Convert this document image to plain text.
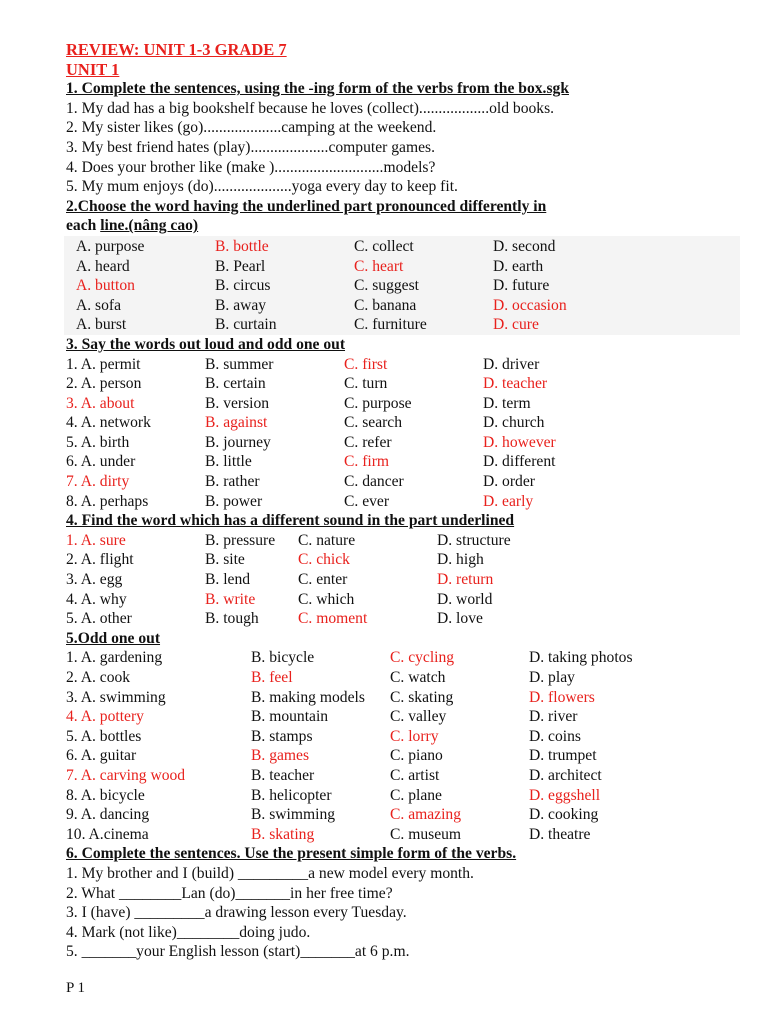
REVIEW: UNIT 1-3 GRADE 7
UNIT 1
1. Complete the sentences, using the -ing form of the verbs from the box.sgk
1. My dad has a big bookshelf because he loves (collect)..................old books.
2. My sister likes (go)....................camping at the weekend.
3. My best friend hates (play)....................computer games.
4. Does your brother like (make )............................models?
5. My mum enjoys (do)....................yoga every day to keep fit.
2.Choose the word having the underlined part pronounced differently in
each line.(nâng cao)
A. purpose	B. bottle	C. collect	D. second
A. heard	B. Pearl	C. heart	D. earth
A. button	B. circus	C. suggest	D. future
A. sofa	B. away	C. banana	D. occasion
A. burst	B. curtain	C. furniture	D. cure
3. Say the words out loud and odd one out
1. A. permit	B. summer	C. first	D. driver
2. A. person	B. certain	C. turn	D. teacher
3. A. about	B. version	C. purpose	D. term
4. A. network	B. against	C. search	D. church
5. A. birth	B. journey	C. refer	D. however
6. A. under	B. little	C. firm	D. different
7. A. dirty	B. rather	C. dancer	D. order
8. A. perhaps	B. power	C. ever	D. early
4. Find the word which has a different sound in the part underlined
1. A. sure	B. pressure C. nature	D. structure
2. A. flight	B. site	C. chick	D. high
3. A. egg	B. lend	C. enter	D. return
4. A. why	B. write	C. which	D. world
5. A. other	B. tough	C. moment	D. love
5.Odd one out
1. A. gardening	B. bicycle	C. cycling	D. taking photos
2. A. cook	B. feel	C. watch	D. play
3. A. swimming	B. making models C. skating	D. flowers
4. A. pottery	B. mountain	C. valley	D. river
5. A. bottles	B. stamps	C. lorry	D. coins
6. A. guitar	B. games	C. piano	D. trumpet
7. A. carving wood	B. teacher	C. artist	D. architect
8. A. bicycle	B. helicopter	C. plane	D. eggshell
9. A. dancing	B. swimming	C. amazing	D. cooking
10. A.cinema	B. skating	C. museum	D. theatre
6. Complete the sentences. Use the present simple form of the verbs.
1. My brother and I (build) _________a new model every month.
2. What ________Lan (do)_______in her free time?
3. I (have) _________a drawing lesson every Tuesday.
4. Mark (not like)________doing judo.
5. _______your English lesson (start)_______at 6 p.m.
P 1
